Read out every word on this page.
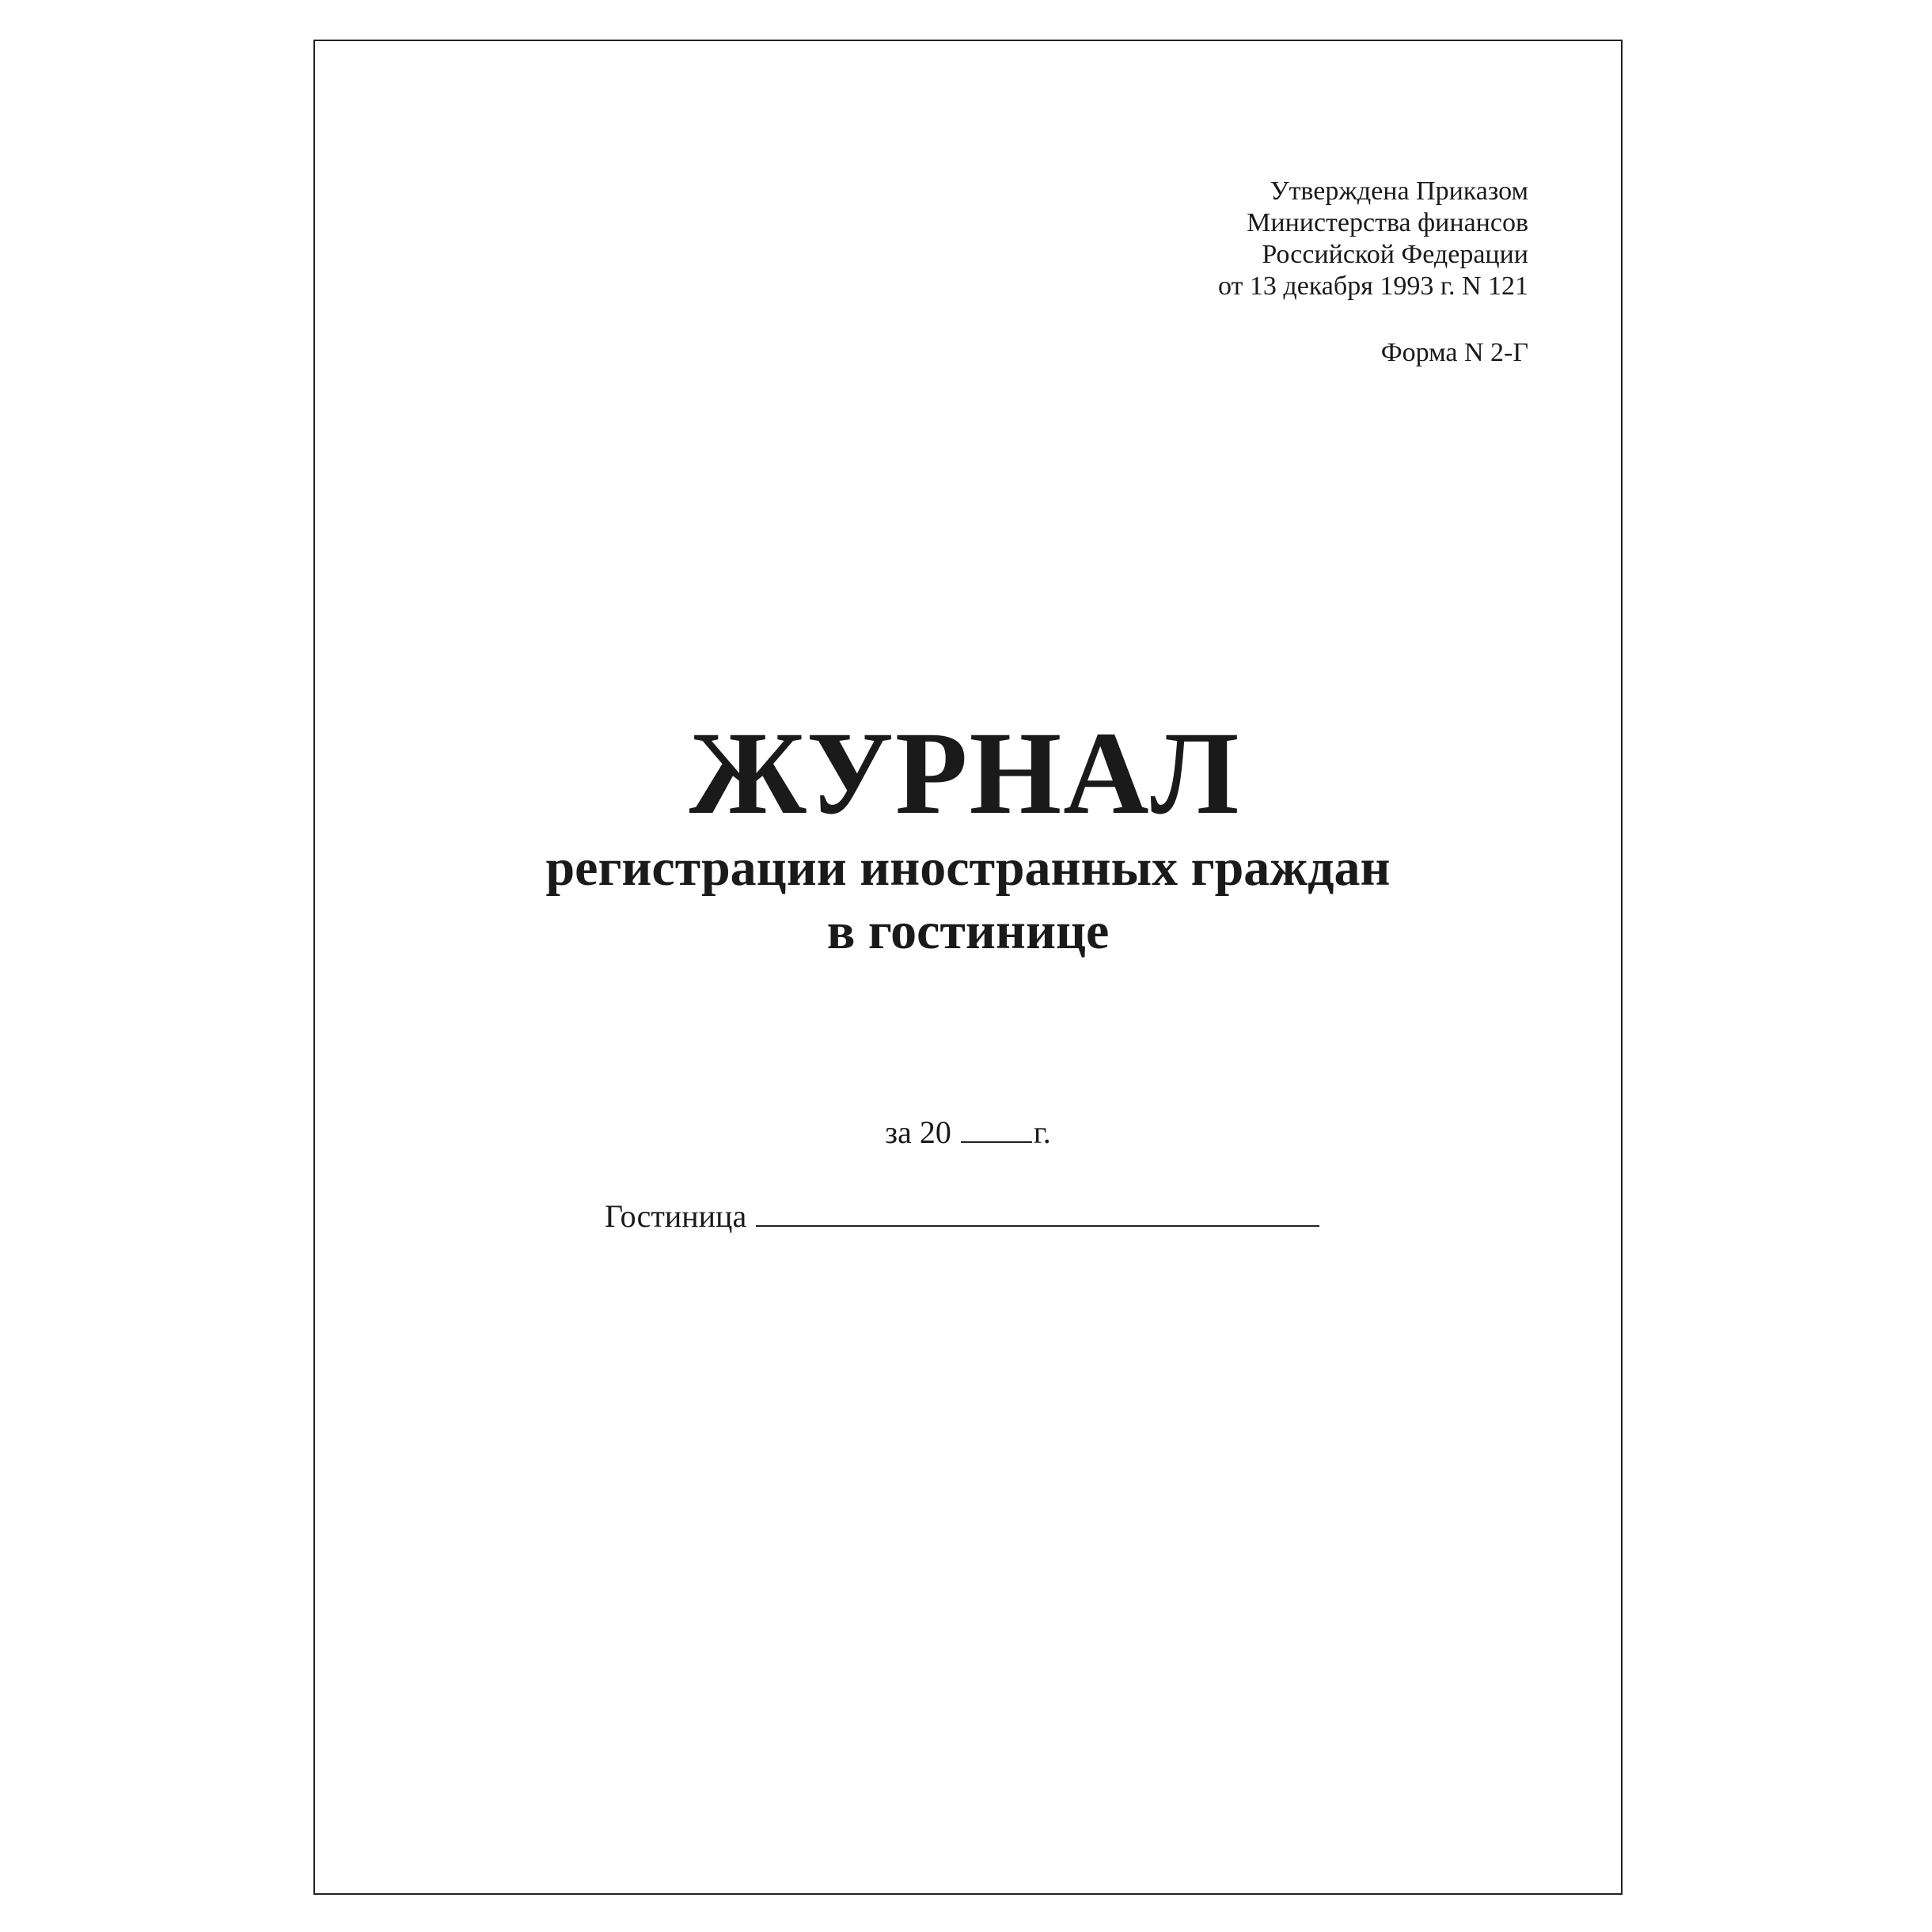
Утверждена Приказом
Министерства финансов
Российской Федерации
от 13 декабря 1993 г. N 121
Форма N 2-Г
ЖУРНАЛ
регистрации иностранных граждан
в гостинице
за 20	г.
Гостиница
